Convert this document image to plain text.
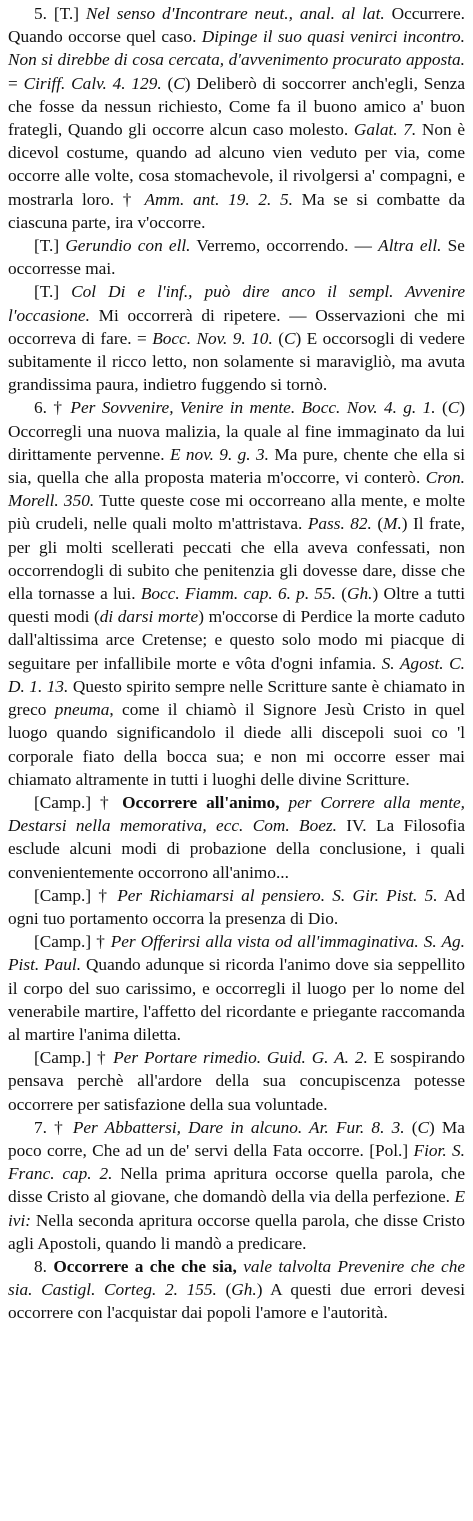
5. [T.] Nel senso d'Incontrare neut., anal. al lat. Occurrere. Quando occorse quel caso. Dipinge il suo quasi venirci incontro. Non si direbbe di cosa cercata, d'avvenimento procurato apposta. = Ciriff. Calv. 4. 129. (C) Deliberò di soccorrer anch'egli, Senza che fosse da nessun richiesto, Come fa il buono amico a' buon frategli, Quando gli occorre alcun caso molesto. Galat. 7. Non è dicevol costume, quando ad alcuno vien veduto per via, come occorre alle volte, cosa stomachevole, il rivolgersi a' compagni, e mostrarla loro. † Amm. ant. 19. 2. 5. Ma se si combatte da ciascuna parte, ira v'occorre.

[T.] Gerundio con ell. Verremo, occorrendo. — Altra ell. Se occorresse mai.

[T.] Col Di e l'inf., può dire anco il sempl. Avvenire l'occasione. Mi occorrerà di ripetere. — Osservazioni che mi occorreva di fare. = Bocc. Nov. 9. 10. (C) E occorsogli di vedere subitamente il ricco letto, non solamente si maravigliò, ma avuta grandissima paura, indietro fuggendo si tornò.

6. † Per Sovvenire, Venire in mente. Bocc. Nov. 4. g. 1. (C) Occorregli una nuova malizia, la quale al fine immaginato da lui dirittamente pervenne. E nov. 9. g. 3. Ma pure, chente che ella si sia, quella che alla proposta materia m'occorre, vi conterò. Cron. Morell. 350. Tutte queste cose mi occorreano alla mente, e molte più crudeli, nelle quali molto m'attristava. Pass. 82. (M.) Il frate, per gli molti scellerati peccati che ella aveva confessati, non occorrendogli di subito che penitenzia gli dovesse dare, disse che ella tornasse a lui. Bocc. Fiamm. cap. 6. p. 55. (Gh.) Oltre a tutti questi modi (di darsi morte) m'occorse di Perdice la morte caduto dall'altissima arce Cretense; e questo solo modo mi piacque di seguitare per infallibile morte e vôta d'ogni infamia. S. Agost. C. D. 1. 13. Questo spirito sempre nelle Scritture sante è chiamato in greco pneuma, come il chiamò il Signore Jesù Cristo in quel luogo quando significandolo il diede alli discepoli suoi co 'l corporale fiato della bocca sua; e non mi occorre esser mai chiamato altramente in tutti i luoghi delle divine Scritture.

[Camp.] † Occorrere all'animo, per Correre alla mente, Destarsi nella memorativa, ecc. Com. Boez. IV. La Filosofia esclude alcuni modi di probazione della conclusione, i quali convenientemente occorrono all'animo...

[Camp.] † Per Richiamarsi al pensiero. S. Gir. Pist. 5. Ad ogni tuo portamento occorra la presenza di Dio.

[Camp.] † Per Offerirsi alla vista od all'immaginativa. S. Ag. Pist. Paul. Quando adunque si ricorda l'animo dove sia seppellito il corpo del suo carissimo, e occorregli il luogo per lo nome del venerabile martire, l'affetto del ricordante e priegante raccomanda al martire l'anima diletta.

[Camp.] † Per Portare rimedio. Guid. G. A. 2. E sospirando pensava perchè all'ardore della sua concupiscenza potesse occorrere per satisfazione della sua voluntade.

7. † Per Abbattersi, Dare in alcuno. Ar. Fur. 8. 3. (C) Ma poco corre, Che ad un de' servi della Fata occorre. [Pol.] Fior. S. Franc. cap. 2. Nella prima apritura occorse quella parola, che disse Cristo al giovane, che domandò della via della perfezione. E ivi: Nella seconda apritura occorse quella parola, che disse Cristo agli Apostoli, quando li mandò a predicare.

8. Occorrere a che che sia, vale talvolta Prevenire che che sia. Castigl. Corteg. 2. 155. (Gh.) A questi due errori devesi occorrere con l'acquistar dai popoli l'amore e l'autorità.
